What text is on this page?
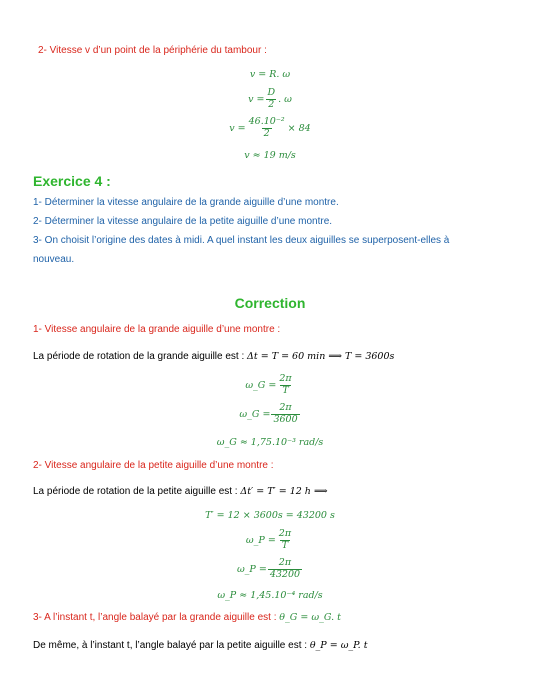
2- Vitesse v d’un point de la périphérie du tambour :
v = R. ω
$v = \frac{D}{2}$ . ω
$v = \frac{\text{46.10⁻²}}{2} \times 84$
v ≈ 19 m/s
Exercice 4 :
1- Déterminer la vitesse angulaire de la grande aiguille d’une montre.
2- Déterminer la vitesse angulaire de la petite aiguille d’une montre.
3- On choisit l’origine des dates à midi. A quel instant les deux aiguilles se superposent-elles à
nouveau.
Correction
1- Vitesse angulaire de la grande aiguille d’une montre :
La période de rotation de la grande aiguille est : Δt = T = 60 min ⟹ T = 3600s
ω_G = $\frac{2\pi}{T}$
ω_G = $\frac{2\pi}{3600}$
ω_G ≈ 1,75.10⁻³ rad/s
2- Vitesse angulaire de la petite aiguille d’une montre :
La période de rotation de la petite aiguille est : Δt′ = T′ = 12 h ⟹
T′ = 12 × 3600s = 43200 s
ω_P = $\frac{2\pi}{T}$
ω_P = $\frac{2\pi}{43200}$
ω_P ≈ 1,45.10⁻⁴ rad/s
3- A l’instant t, l’angle balayé par la grande aiguille est : θ_G = ω_G. t
De même, à l’instant t, l’angle balayé par la petite aiguille est : θ_P = ω_P. t
